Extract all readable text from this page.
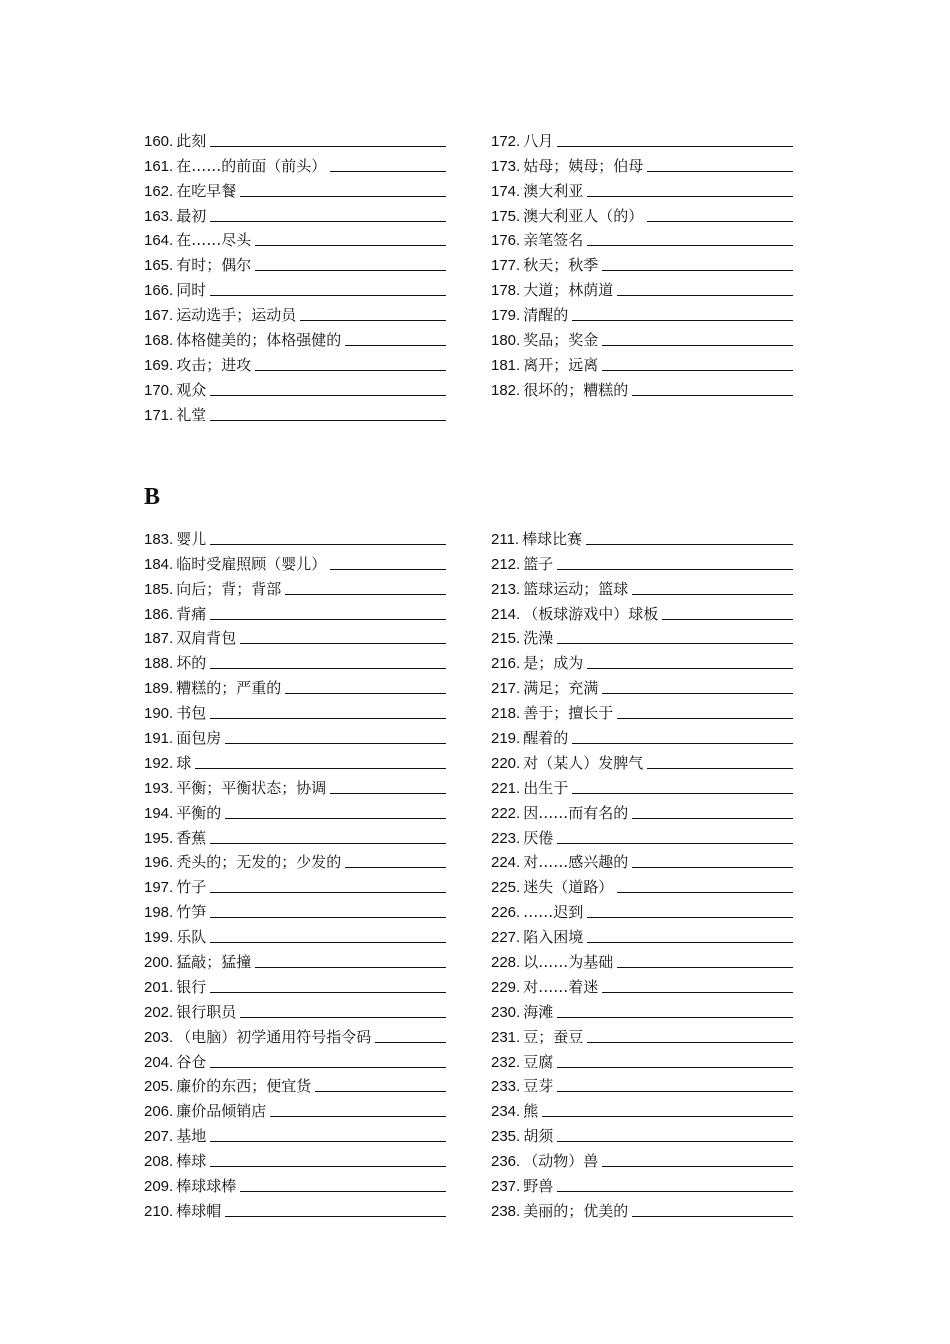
160. 此刻
161. 在……的前面（前头）
162. 在吃早餐
163. 最初
164. 在……尽头
165. 有时；偶尔
166. 同时
167. 运动选手；运动员
168. 体格健美的；体格强健的
169. 攻击；进攻
170. 观众
171. 礼堂
172. 八月
173. 姑母；姨母；伯母
174. 澳大利亚
175. 澳大利亚人（的）
176. 亲笔签名
177. 秋天；秋季
178. 大道；林荫道
179. 清醒的
180. 奖品；奖金
181. 离开；远离
182. 很坏的；糟糕的
B
183. 婴儿
184. 临时受雇照顾（婴儿）
185. 向后；背；背部
186. 背痛
187. 双肩背包
188. 坏的
189. 糟糕的；严重的
190. 书包
191. 面包房
192. 球
193. 平衡；平衡状态；协调
194. 平衡的
195. 香蕉
196. 秃头的；无发的；少发的
197. 竹子
198. 竹笋
199. 乐队
200. 猛敲；猛撞
201. 银行
202. 银行职员
203. （电脑）初学通用符号指令码
204. 谷仓
205. 廉价的东西；便宜货
206. 廉价品倾销店
207. 基地
208. 棒球
209. 棒球球棒
210. 棒球帽
211. 棒球比赛
212. 篮子
213. 篮球运动；篮球
214. （板球游戏中）球板
215. 洗澡
216. 是；成为
217. 满足；充满
218. 善于；擅长于
219. 醒着的
220. 对（某人）发脾气
221. 出生于
222. 因……而有名的
223. 厌倦
224. 对……感兴趣的
225. 迷失（道路）
226. ……迟到
227. 陷入困境
228. 以……为基础
229. 对……着迷
230. 海滩
231. 豆；蚕豆
232. 豆腐
233. 豆芽
234. 熊
235. 胡须
236. （动物）兽
237. 野兽
238. 美丽的；优美的
